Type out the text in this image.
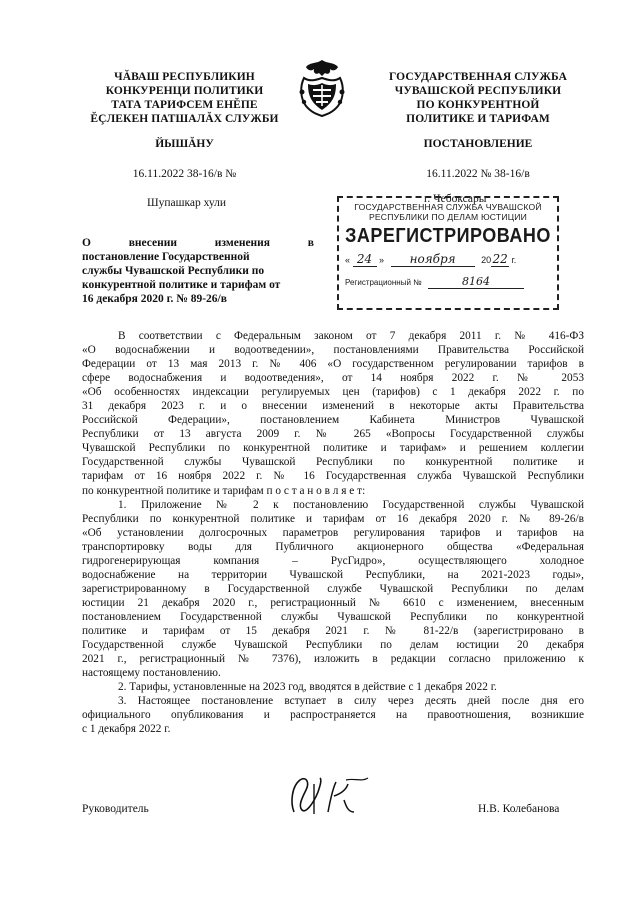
ЧĂВАШ РЕСПУБЛИКИН
КОНКУРЕНЦИ ПОЛИТИКИ
ТАТА ТАРИФСЕМ ЕНĔПЕ
ĔÇЛЕКЕН ПАТШАЛĂХ СЛУЖБИ
ЙЫШĂНУ
16.11.2022 38-16/в №
Шупашкар хули
ГОСУДАРСТВЕННАЯ СЛУЖБА
ЧУВАШСКОЙ РЕСПУБЛИКИ
ПО КОНКУРЕНТНОЙ
ПОЛИТИКЕ И ТАРИФАМ
ПОСТАНОВЛЕНИЕ
16.11.2022 № 38-16/в
г. Чебоксары
ГОСУДАРСТВЕННАЯ СЛУЖБА ЧУВАШСКОЙ
РЕСПУБЛИКИ ПО ДЕЛАМ ЮСТИЦИИ
ЗАРЕГИСТРИРОВАНО
« 24 » ноября	2022 г.
Регистрационный №	8164
О	внесении	изменения	в
постановление Государственной
службы Чувашской Республики по
конкурентной политике и тарифам от
16 декабря 2020 г. № 89-26/в
В соответствии с Федеральным законом от 7 декабря 2011 г. № 416-ФЗ
«О водоснабжении и водоотведении», постановлениями Правительства Российской
Федерации от 13 мая 2013 г. № 406 «О государственном регулировании тарифов в
сфере водоснабжения и водоотведения», от 14 ноября 2022 г. № 2053
«Об особенностях индексации регулируемых цен (тарифов) с 1 декабря 2022 г. по
31 декабря 2023 г. и о внесении изменений в некоторые акты Правительства
Российской Федерации», постановлением Кабинета Министров Чувашской
Республики от 13 августа 2009 г. № 265 «Вопросы Государственной службы
Чувашской Республики по конкурентной политике и тарифам» и решением коллегии
Государственной службы Чувашской Республики по конкурентной политике и
тарифам от 16 ноября 2022 г. № 16 Государственная служба Чувашской Республики
по конкурентной политике и тарифам п о с т а н о в л я е т:
1. Приложение № 2 к постановлению Государственной службы Чувашской
Республики по конкурентной политике и тарифам от 16 декабря 2020 г. № 89-26/в
«Об установлении долгосрочных параметров регулирования тарифов и тарифов на
транспортировку воды для Публичного акционерного общества «Федеральная
гидрогенерирующая компания – РусГидро», осуществляющего холодное
водоснабжение на территории Чувашской Республики, на 2021-2023 годы»,
зарегистрированному в Государственной службе Чувашской Республики по делам
юстиции 21 декабря 2020 г., регистрационный № 6610 с изменением, внесенным
постановлением Государственной службы Чувашской Республики по конкурентной
политике и тарифам от 15 декабря 2021 г. № 81-22/в (зарегистрировано в
Государственной службе Чувашской Республики по делам юстиции 20 декабря
2021 г., регистрационный № 7376), изложить в редакции согласно приложению к
настоящему постановлению.
2. Тарифы, установленные на 2023 год, вводятся в действие с 1 декабря 2022 г.
3. Настоящее постановление вступает в силу через десять дней после дня его
официального опубликования и распространяется на правоотношения, возникшие
с 1 декабря 2022 г.
Руководитель	Н.В. Колебанова
